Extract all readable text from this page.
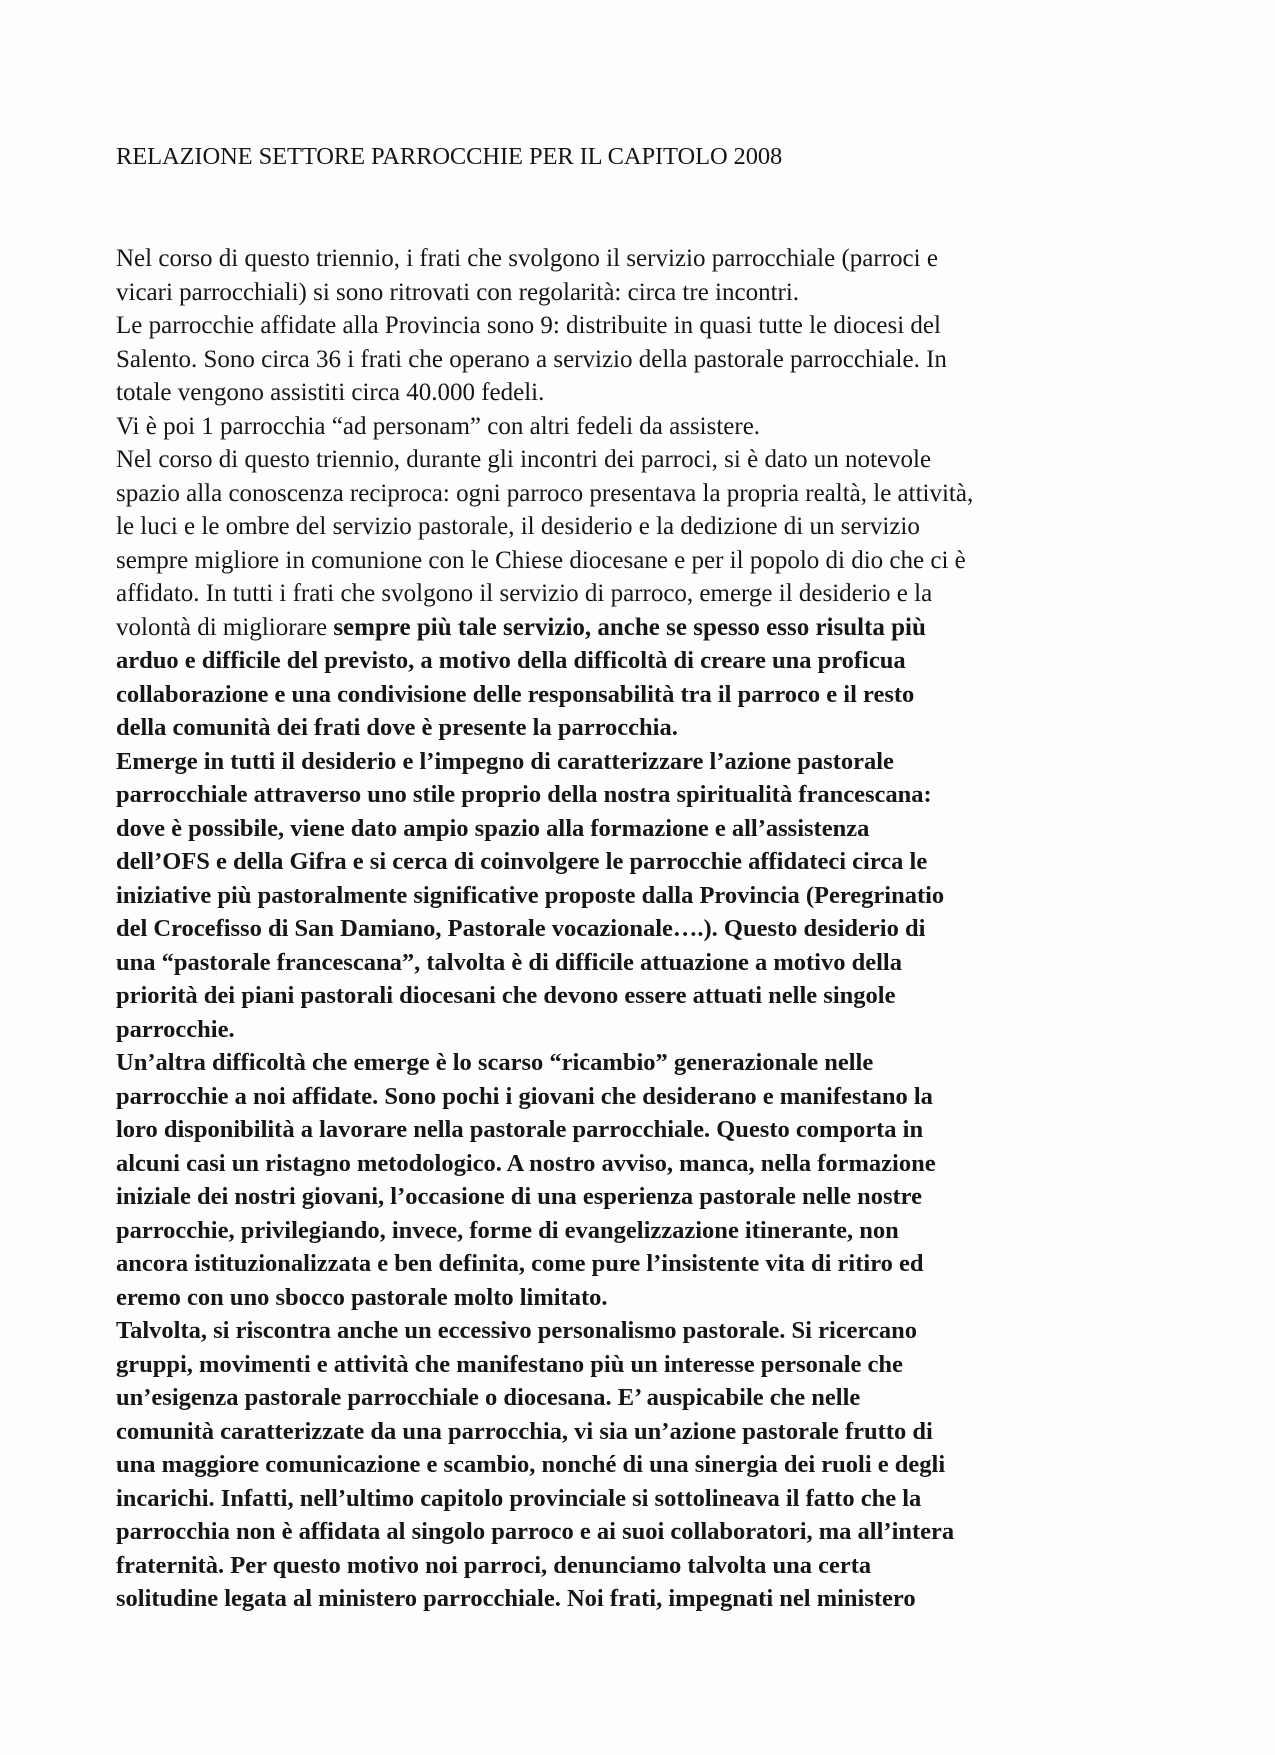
RELAZIONE SETTORE PARROCCHIE PER IL CAPITOLO 2008
Nel corso di questo triennio, i frati che svolgono il servizio parrocchiale (parroci e
vicari parrocchiali) si sono ritrovati con regolarità: circa tre incontri.
Le parrocchie affidate alla Provincia sono 9: distribuite in quasi tutte le diocesi del
Salento. Sono circa 36 i frati che operano a servizio della pastorale parrocchiale. In
totale vengono assistiti circa 40.000 fedeli.
Vi è poi 1 parrocchia “ad personam” con altri fedeli da assistere.
Nel corso di questo triennio, durante gli incontri dei parroci, si è dato un notevole
spazio alla conoscenza reciproca: ogni parroco presentava la propria realtà, le attività,
le luci e le ombre del servizio pastorale, il desiderio e la dedizione di un servizio
sempre migliore in comunione con le Chiese diocesane e per il popolo di dio che ci è
affidato. In tutti i frati che svolgono il servizio di parroco, emerge il desiderio e la
volontà di migliorare sempre più tale servizio, anche se spesso esso risulta più
arduo e difficile del previsto, a motivo della difficoltà di creare una proficua
collaborazione e una condivisione delle responsabilità tra il parroco e il resto
della comunità dei frati dove è presente la parrocchia.
Emerge in tutti il desiderio e l’impegno di caratterizzare l’azione pastorale
parrocchiale attraverso uno stile proprio della nostra spiritualità francescana:
dove è possibile, viene dato ampio spazio alla formazione e all’assistenza
dell’OFS e della Gifra e si cerca di coinvolgere le parrocchie affidateci circa le
iniziative più pastoralmente significative proposte dalla Provincia (Peregrinatio
del Crocefisso di San Damiano, Pastorale vocazionale….). Questo desiderio di
una “pastorale francescana”, talvolta è di difficile attuazione a motivo della
priorità dei piani pastorali diocesani che devono essere attuati nelle singole
parrocchie.
Un’altra difficoltà che emerge è lo scarso “ricambio” generazionale nelle
parrocchie a noi affidate. Sono pochi i giovani che desiderano e manifestano la
loro disponibilità a lavorare nella pastorale parrocchiale. Questo comporta in
alcuni casi un ristagno metodologico. A nostro avviso, manca, nella formazione
iniziale dei nostri giovani, l’occasione di una esperienza pastorale nelle nostre
parrocchie, privilegiando, invece, forme di evangelizzazione itinerante, non
ancora istituzionalizzata e ben definita, come pure l’insistente vita di ritiro ed
eremo con uno sbocco pastorale molto limitato.
Talvolta, si riscontra anche un eccessivo personalismo pastorale. Si ricercano
gruppi, movimenti e attività che manifestano più un interesse personale che
un’esigenza pastorale parrocchiale o diocesana. E’ auspicabile che nelle
comunità caratterizzate da una parrocchia, vi sia un’azione pastorale frutto di
una maggiore comunicazione e scambio, nonché di una sinergia dei ruoli e degli
incarichi. Infatti, nell’ultimo capitolo provinciale si sottolineava il fatto che la
parrocchia non è affidata al singolo parroco e ai suoi collaboratori, ma all’intera
fraternità. Per questo motivo noi parroci, denunciamo talvolta una certa
solitudine legata al ministero parrocchiale. Noi frati, impegnati nel ministero
